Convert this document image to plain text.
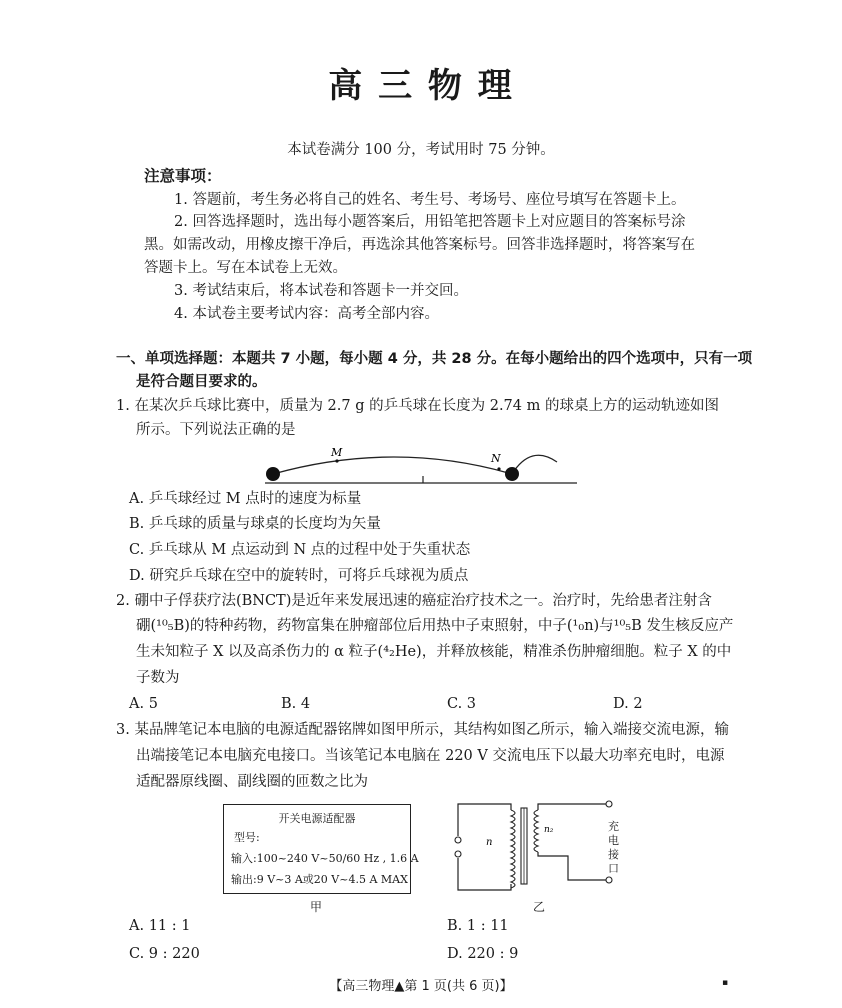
高 三 物 理
本试卷满分 100 分，考试用时 75 分钟。
注意事项：
1. 答题前，考生务必将自己的姓名、考生号、考场号、座位号填写在答题卡上。
2. 回答选择题时，选出每小题答案后，用铅笔把答题卡上对应题目的答案标号涂
黑。如需改动，用橡皮擦干净后，再选涂其他答案标号。回答非选择题时，将答案写在
答题卡上。写在本试卷上无效。
3. 考试结束后，将本试卷和答题卡一并交回。
4. 本试卷主要考试内容：高考全部内容。
一、单项选择题：本题共 7 小题，每小题 4 分，共 28 分。在每小题给出的四个选项中，只有一项
是符合题目要求的。
1. 在某次乒乓球比赛中，质量为 2.7 g 的乒乓球在长度为 2.74 m 的球桌上方的运动轨迹如图
所示。下列说法正确的是
M	N
A. 乒乓球经过 M 点时的速度为标量
B. 乒乓球的质量与球桌的长度均为矢量
C. 乒乓球从 M 点运动到 N 点的过程中处于失重状态
D. 研究乒乓球在空中的旋转时，可将乒乓球视为质点
2. 硼中子俘获疗法(BNCT)是近年来发展迅速的癌症治疗技术之一。治疗时，先给患者注射含
硼(¹⁰₅B)的特种药物，药物富集在肿瘤部位后用热中子束照射，中子(¹₀n)与¹⁰₅B 发生核反应产
生未知粒子 X 以及高杀伤力的 α 粒子(⁴₂He)，并释放核能，精准杀伤肿瘤细胞。粒子 X 的中
子数为
A. 5	B. 4	C. 3	D. 2
3. 某品牌笔记本电脑的电源适配器铭牌如图甲所示，其结构如图乙所示，输入端接交流电源，输
出端接笔记本电脑充电接口。当该笔记本电脑在 220 V 交流电压下以最大功率充电时，电源
适配器原线圈、副线圈的匝数之比为
开关电源适配器
型号:
输入:100~240 V~50/60 Hz , 1.6 A
输出:9 V~3 A或20 V~4.5 A MAX
甲
n
n₂	充电接口
乙
A. 11 : 1	B. 1 : 11
C. 9 : 220	D. 220 : 9
【高三物理▲第 1 页(共 6 页)】	▪
